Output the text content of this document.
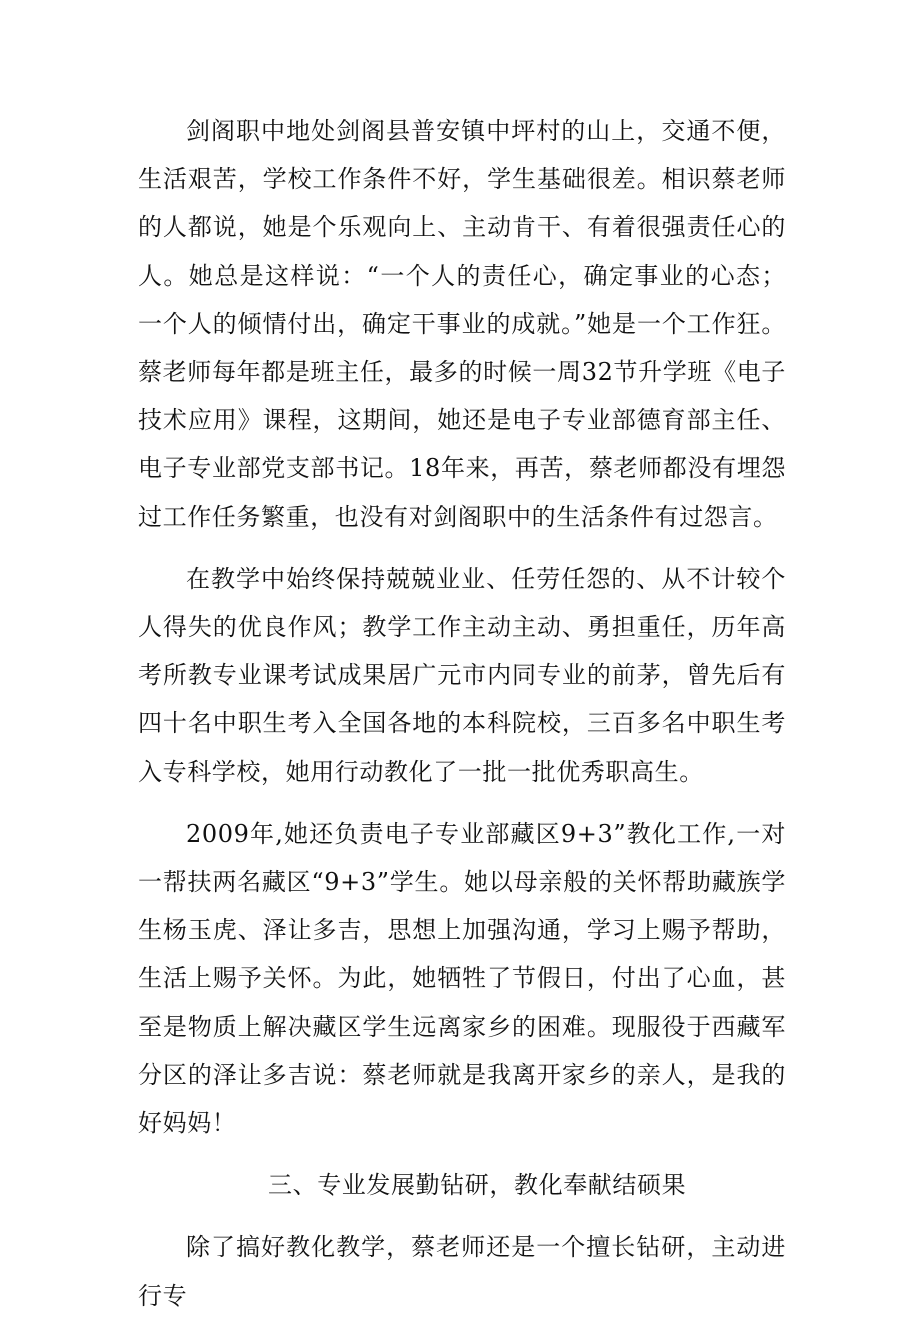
剑阁职中地处剑阁县普安镇中坪村的山上，交通不便，生活艰苦，学校工作条件不好，学生基础很差。相识蔡老师的人都说，她是个乐观向上、主动肯干、有着很强责任心的人。她总是这样说：“一个人的责任心，确定事业的心态；一个人的倾情付出，确定干事业的成就。”她是一个工作狂。蔡老师每年都是班主任，最多的时候一周32节升学班《电子技术应用》课程，这期间，她还是电子专业部德育部主任、电子专业部党支部书记。18年来，再苦，蔡老师都没有埋怨过工作任务繁重，也没有对剑阁职中的生活条件有过怨言。

在教学中始终保持兢兢业业、任劳任怨的、从不计较个人得失的优良作风；教学工作主动主动、勇担重任，历年高考所教专业课考试成果居广元市内同专业的前茅，曾先后有四十名中职生考入全国各地的本科院校，三百多名中职生考入专科学校，她用行动教化了一批一批优秀职高生。

2009年,她还负责电子专业部藏区9+3”教化工作,一对一帮扶两名藏区“9+3”学生。她以母亲般的关怀帮助藏族学生杨玉虎、泽让多吉，思想上加强沟通，学习上赐予帮助，生活上赐予关怀。为此，她牺牲了节假日，付出了心血，甚至是物质上解决藏区学生远离家乡的困难。现服役于西藏军分区的泽让多吉说：蔡老师就是我离开家乡的亲人，是我的好妈妈！

三、专业发展勤钻研，教化奉献结硕果

除了搞好教化教学，蔡老师还是一个擅长钻研，主动进行专
